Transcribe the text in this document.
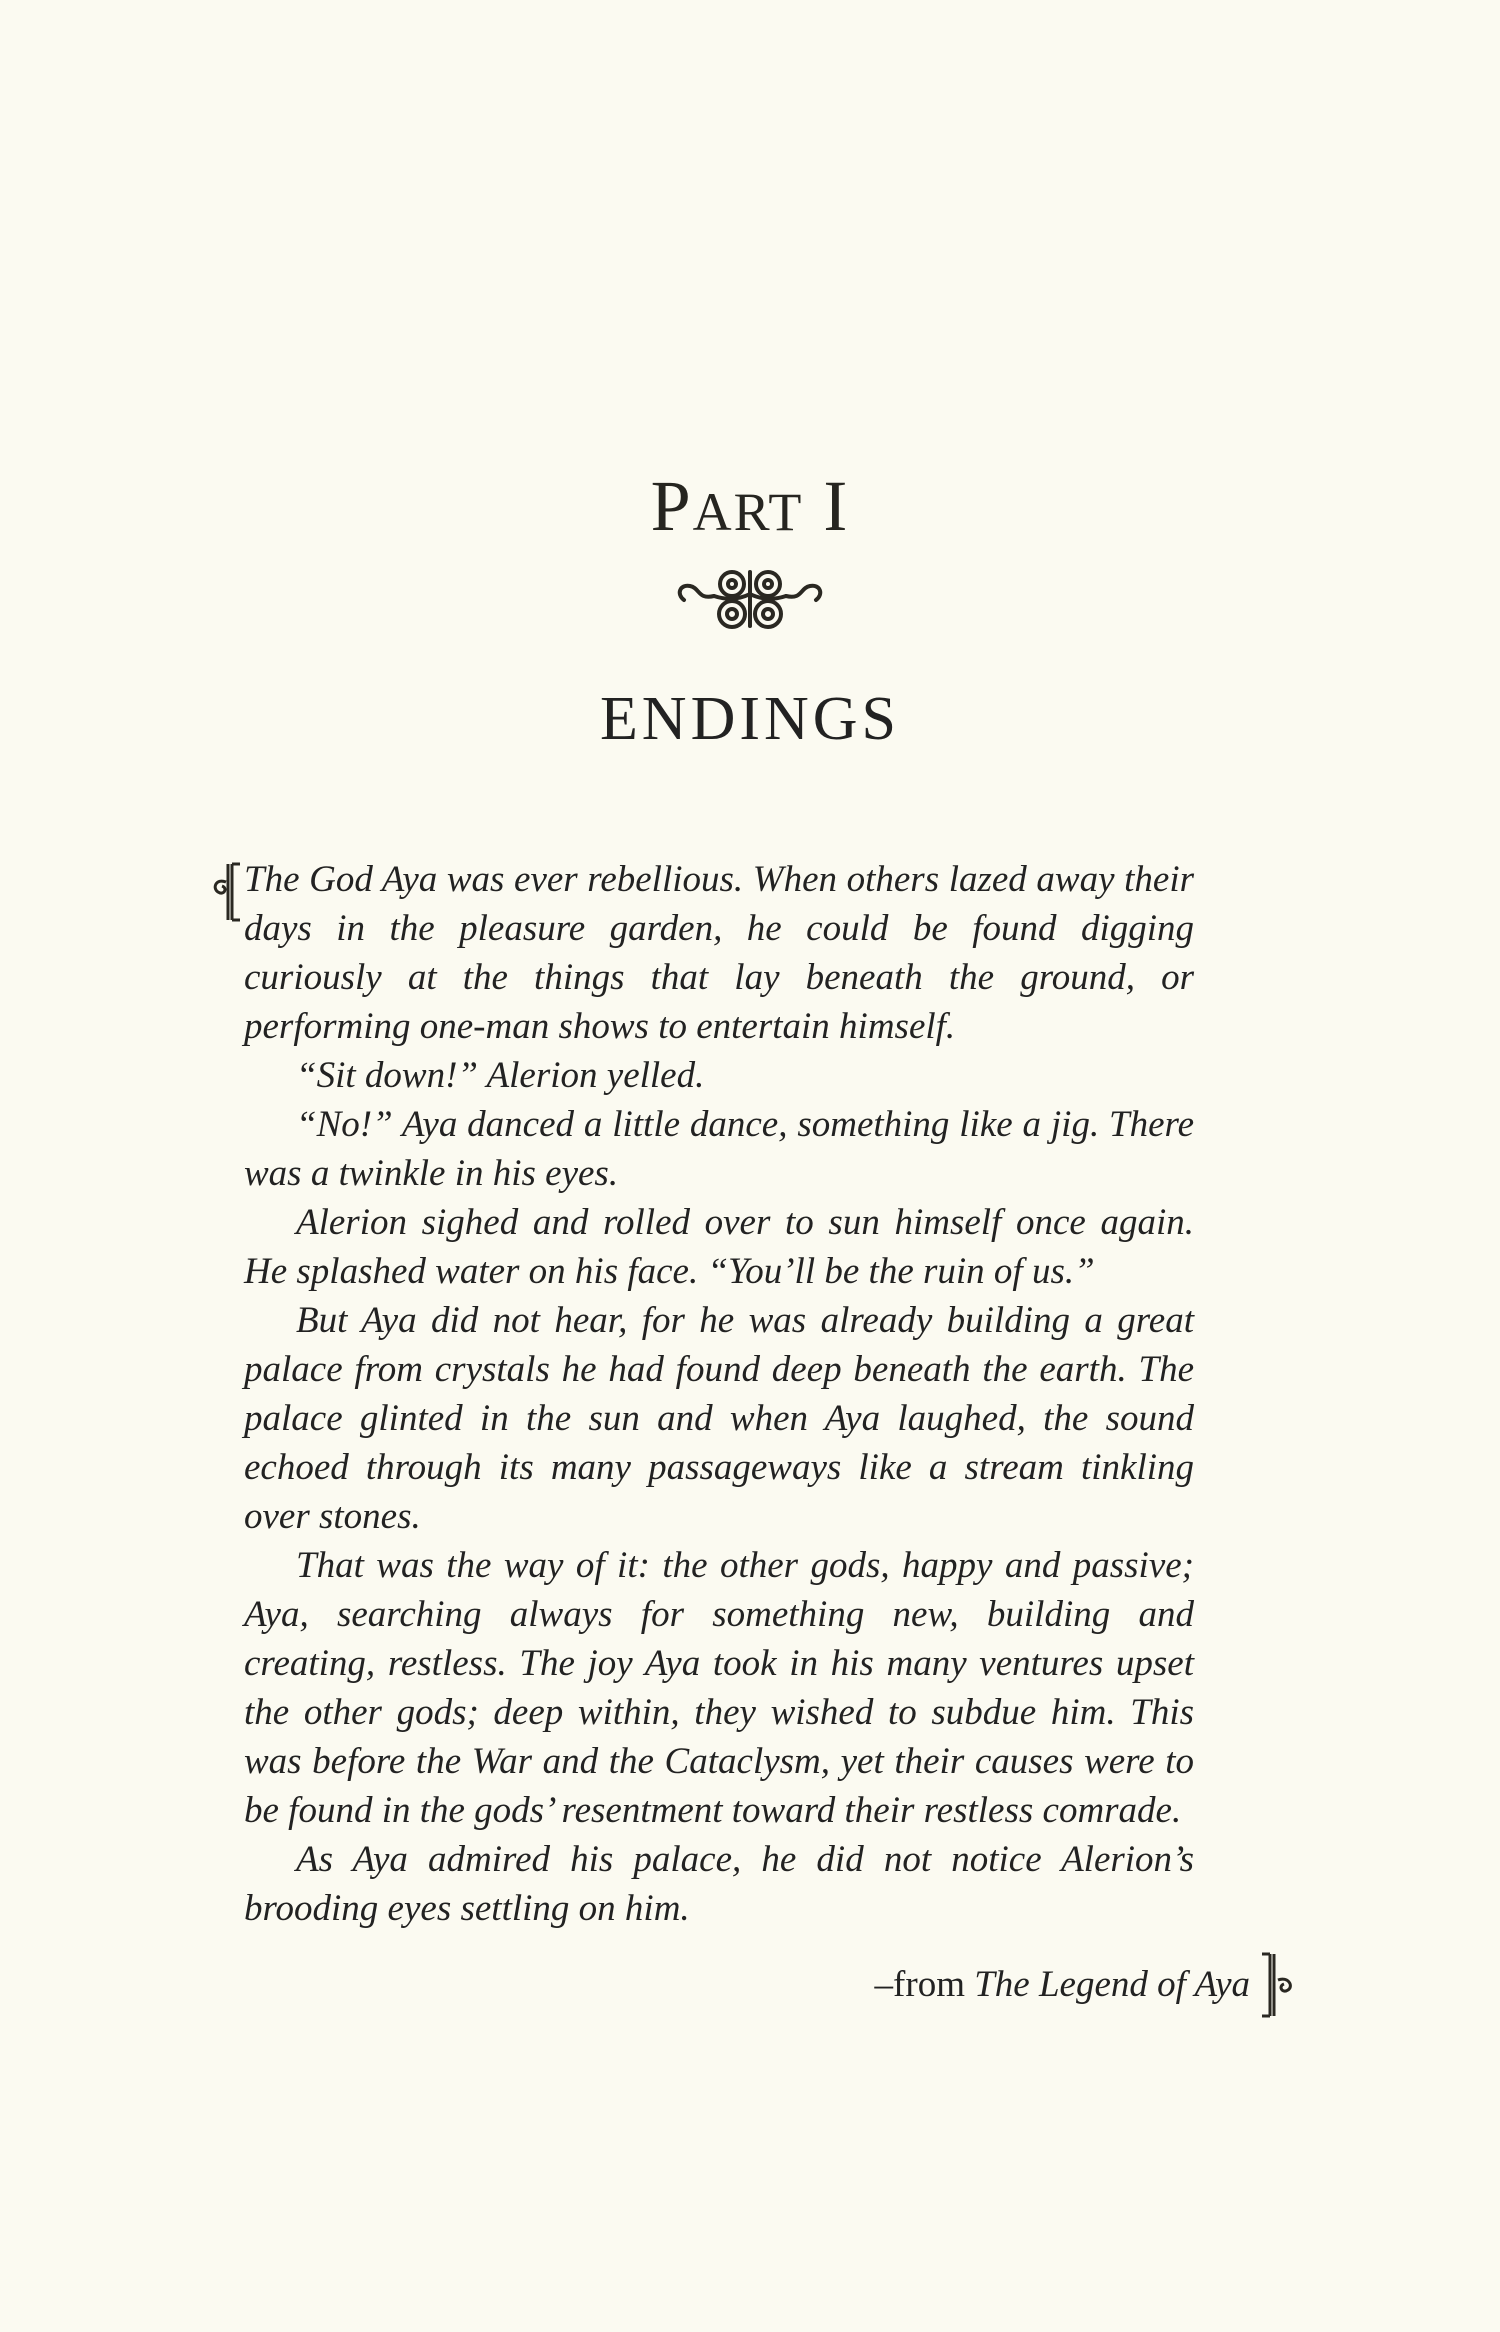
PART I
ENDINGS

The God Aya was ever rebellious. When others lazed away their days in the pleasure garden, he could be found digging curiously at the things that lay beneath the ground, or performing one-man shows to entertain himself.

“Sit down!” Alerion yelled.

“No!” Aya danced a little dance, something like a jig. There was a twinkle in his eyes.

Alerion sighed and rolled over to sun himself once again. He splashed water on his face. “You’ll be the ruin of us.”

But Aya did not hear, for he was already building a great palace from crystals he had found deep beneath the earth. The palace glinted in the sun and when Aya laughed, the sound echoed through its many passageways like a stream tinkling over stones.

That was the way of it: the other gods, happy and passive; Aya, searching always for something new, building and creating, restless. The joy Aya took in his many ventures upset the other gods; deep within, they wished to subdue him. This was before the War and the Cataclysm, yet their causes were to be found in the gods’ resentment toward their restless comrade.

As Aya admired his palace, he did not notice Alerion’s brooding eyes settling on him.

–from The Legend of Aya
